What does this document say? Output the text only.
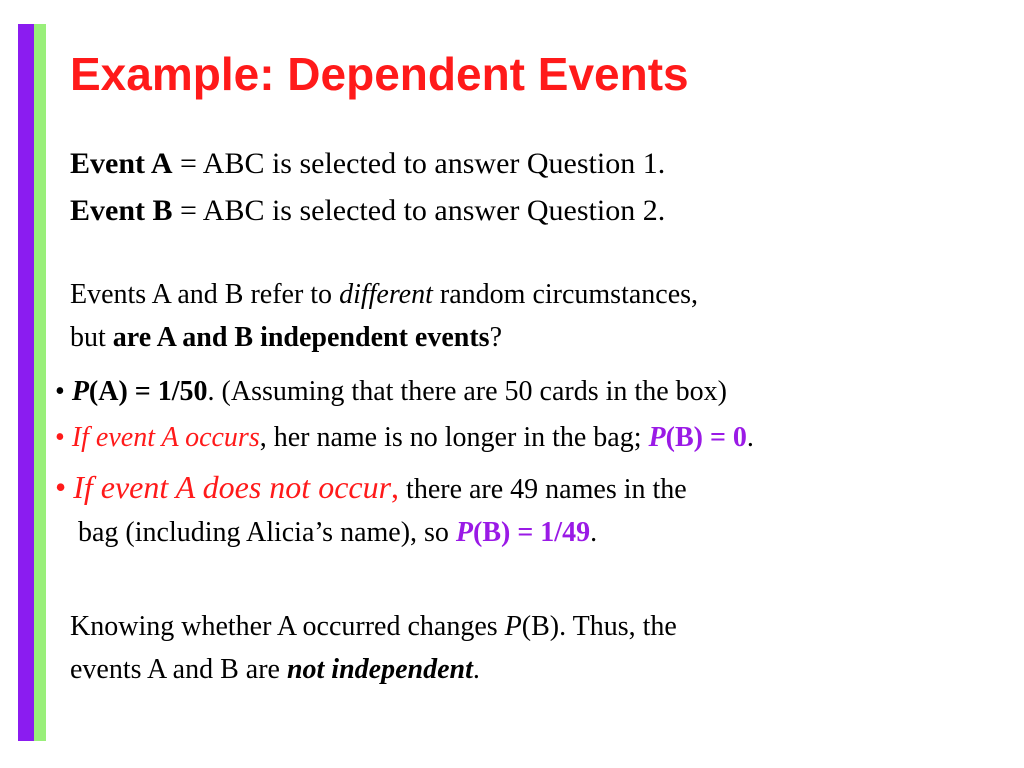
Example: Dependent Events
Event A = ABC is selected to answer Question 1.
Event B = ABC is selected to answer Question 2.
Events A and B refer to different random circumstances,
but are A and B independent events?
• P(A) = 1/50. (Assuming that there are 50 cards in the box)
• If event A occurs, her name is no longer in the bag; P(B) = 0.
• If event A does not occur, there are 49 names in the
bag (including Alicia’s name), so P(B) = 1/49.
Knowing whether A occurred changes P(B). Thus, the
events A and B are not independent.
